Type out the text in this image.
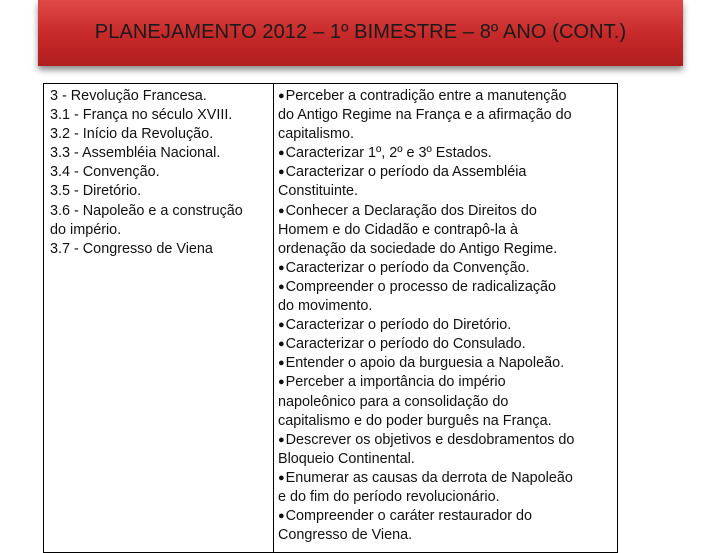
PLANEJAMENTO 2012 – 1º BIMESTRE – 8º ANO (CONT.)
3 - Revolução Francesa.
3.1 - França no século XVIII.
3.2 - Início da Revolução.
3.3 - Assembléia Nacional.
3.4 - Convenção.
3.5 - Diretório.
3.6 - Napoleão e a construção
do império.
3.7 - Congresso de Viena
●Perceber a contradição entre a manutenção
do Antigo Regime na França e a afirmação do
capitalismo.
●Caracterizar 1º, 2º e 3º Estados.
●Caracterizar o período da Assembléia
Constituinte.
●Conhecer a Declaração dos Direitos do
Homem e do Cidadão e contrapô-la à
ordenação da sociedade do Antigo Regime.
●Caracterizar o período da Convenção.
●Compreender o processo de radicalização
do movimento.
●Caracterizar o período do Diretório.
●Caracterizar o período do Consulado.
●Entender o apoio da burguesia a Napoleão.
●Perceber a importância do império
napoleônico para a consolidação do
capitalismo e do poder burguês na França.
●Descrever os objetivos e desdobramentos do
Bloqueio Continental.
●Enumerar as causas da derrota de Napoleão
e do fim do período revolucionário.
●Compreender o caráter restaurador do
Congresso de Viena.
